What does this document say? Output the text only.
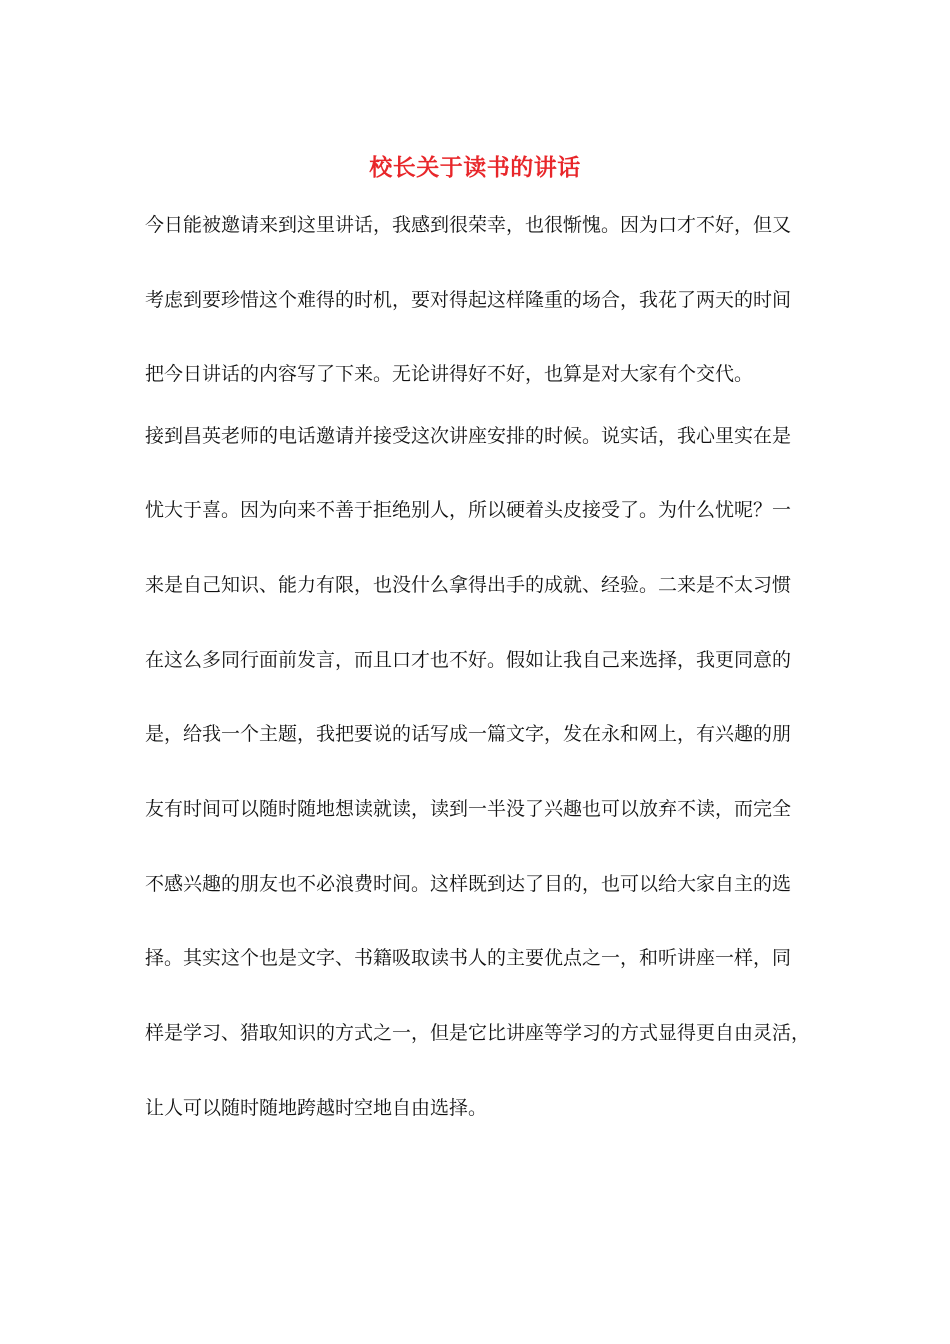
校长关于读书的讲话
今日能被邀请来到这里讲话，我感到很荣幸，也很惭愧。因为口才不好，但又
考虑到要珍惜这个难得的时机，要对得起这样隆重的场合，我花了两天的时间
把今日讲话的内容写了下来。无论讲得好不好，也算是对大家有个交代。
接到昌英老师的电话邀请并接受这次讲座安排的时候。说实话，我心里实在是
忧大于喜。因为向来不善于拒绝别人，所以硬着头皮接受了。为什么忧呢？一
来是自己知识、能力有限，也没什么拿得出手的成就、经验。二来是不太习惯
在这么多同行面前发言，而且口才也不好。假如让我自己来选择，我更同意的
是，给我一个主题，我把要说的话写成一篇文字，发在永和网上，有兴趣的朋
友有时间可以随时随地想读就读，读到一半没了兴趣也可以放弃不读，而完全
不感兴趣的朋友也不必浪费时间。这样既到达了目的，也可以给大家自主的选
择。其实这个也是文字、书籍吸取读书人的主要优点之一，和听讲座一样，同
样是学习、猎取知识的方式之一，但是它比讲座等学习的方式显得更自由灵活，
让人可以随时随地跨越时空地自由选择。
